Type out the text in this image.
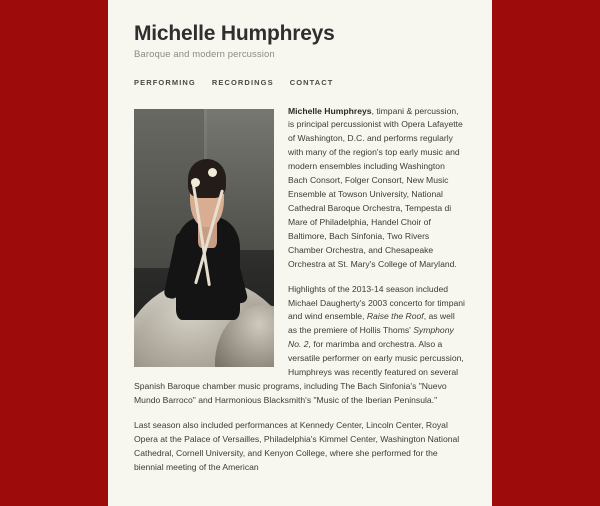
Michelle Humphreys
Baroque and modern percussion
PERFORMING RECORDINGS CONTACT

Michelle Humphreys, timpani & percussion, is principal percussionist with Opera Lafayette of Washington, D.C. and performs regularly with many of the region's top early music and modern ensembles including Washington Bach Consort, Folger Consort, New Music Ensemble at Towson University, National Cathedral Baroque Orchestra, Tempesta di Mare of Philadelphia, Handel Choir of Baltimore, Bach Sinfonia, Two Rivers Chamber Orchestra, and Chesapeake Orchestra at St. Mary's College of Maryland.

Highlights of the 2013-14 season included Michael Daugherty's 2003 concerto for timpani and wind ensemble, Raise the Roof, as well as the premiere of Hollis Thoms' Symphony No. 2, for marimba and orchestra. Also a versatile performer on early music percussion, Humphreys was recently featured on several Spanish Baroque chamber music programs, including The Bach Sinfonia's "Nuevo Mundo Barroco" and Harmonious Blacksmith's "Music of the Iberian Peninsula."

Last season also included performances at Kennedy Center, Lincoln Center, Royal Opera at the Palace of Versailles, Philadelphia's Kimmel Center, Washington National Cathedral, Cornell University, and Kenyon College, where she performed for the biennial meeting of the American
